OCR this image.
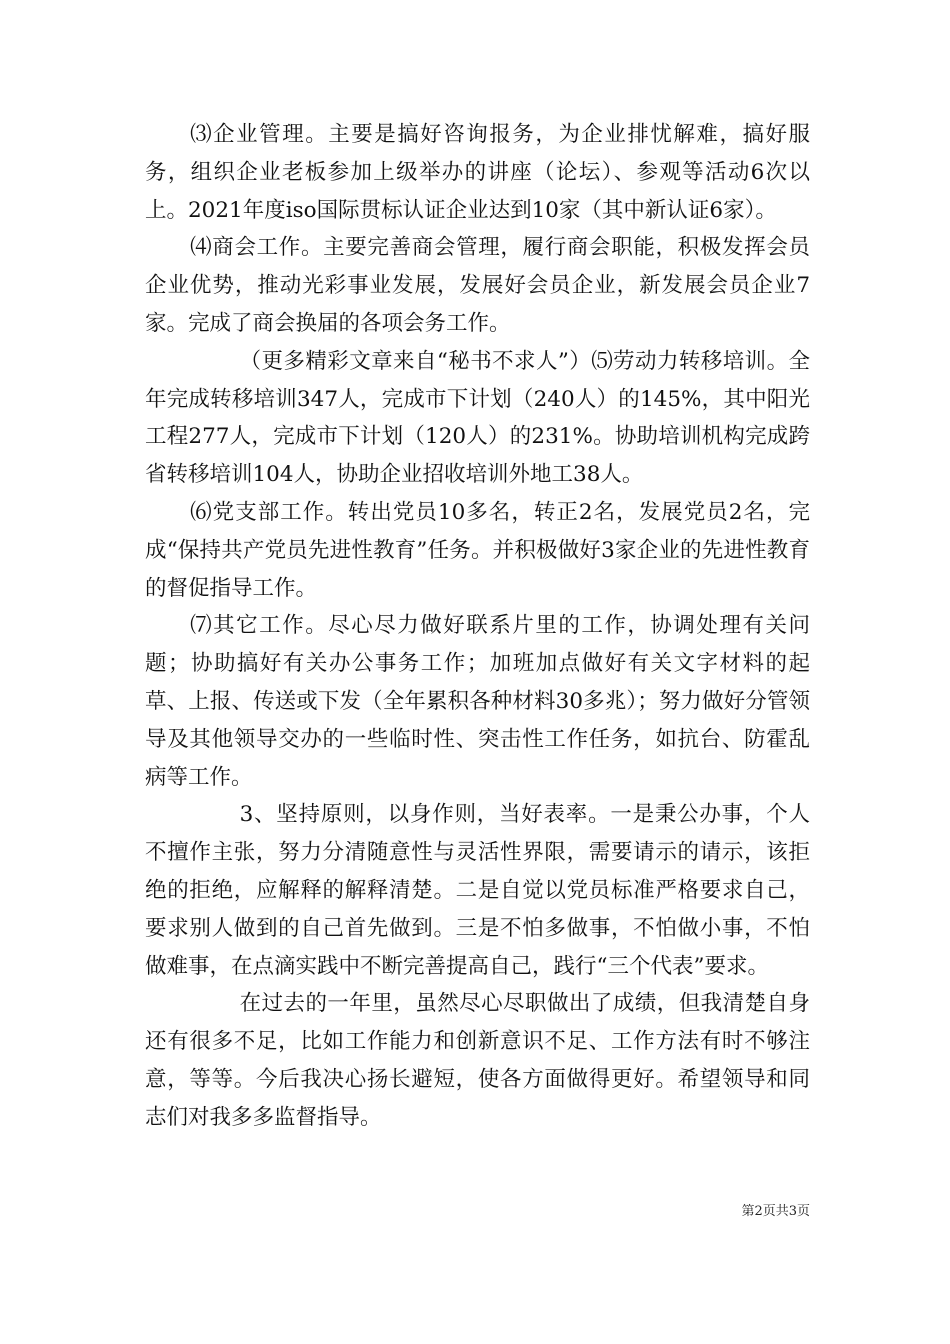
⑶企业管理。主要是搞好咨询报务，为企业排忧解难，搞好服务，组织企业老板参加上级举办的讲座（论坛）、参观等活动6次以上。2021年度iso国际贯标认证企业达到10家（其中新认证6家）。

⑷商会工作。主要完善商会管理，履行商会职能，积极发挥会员企业优势，推动光彩事业发展，发展好会员企业，新发展会员企业7家。完成了商会换届的各项会务工作。

（更多精彩文章来自“秘书不求人”）⑸劳动力转移培训。全年完成转移培训347人，完成市下计划（240人）的145%，其中阳光工程277人，完成市下计划（120人）的231%。协助培训机构完成跨省转移培训104人，协助企业招收培训外地工38人。

⑹党支部工作。转出党员10多名，转正2名，发展党员2名，完成“保持共产党员先进性教育”任务。并积极做好3家企业的先进性教育的督促指导工作。

⑺其它工作。尽心尽力做好联系片里的工作，协调处理有关问题；协助搞好有关办公事务工作；加班加点做好有关文字材料的起草、上报、传送或下发（全年累积各种材料30多兆）；努力做好分管领导及其他领导交办的一些临时性、突击性工作任务，如抗台、防霍乱病等工作。

3、坚持原则，以身作则，当好表率。一是秉公办事，个人不擅作主张，努力分清随意性与灵活性界限，需要请示的请示，该拒绝的拒绝，应解释的解释清楚。二是自觉以党员标准严格要求自己，要求别人做到的自己首先做到。三是不怕多做事，不怕做小事，不怕做难事，在点滴实践中不断完善提高自己，践行“三个代表”要求。

在过去的一年里，虽然尽心尽职做出了成绩，但我清楚自身还有很多不足，比如工作能力和创新意识不足、工作方法有时不够注意，等等。今后我决心扬长避短，使各方面做得更好。希望领导和同志们对我多多监督指导。

第2页共3页
